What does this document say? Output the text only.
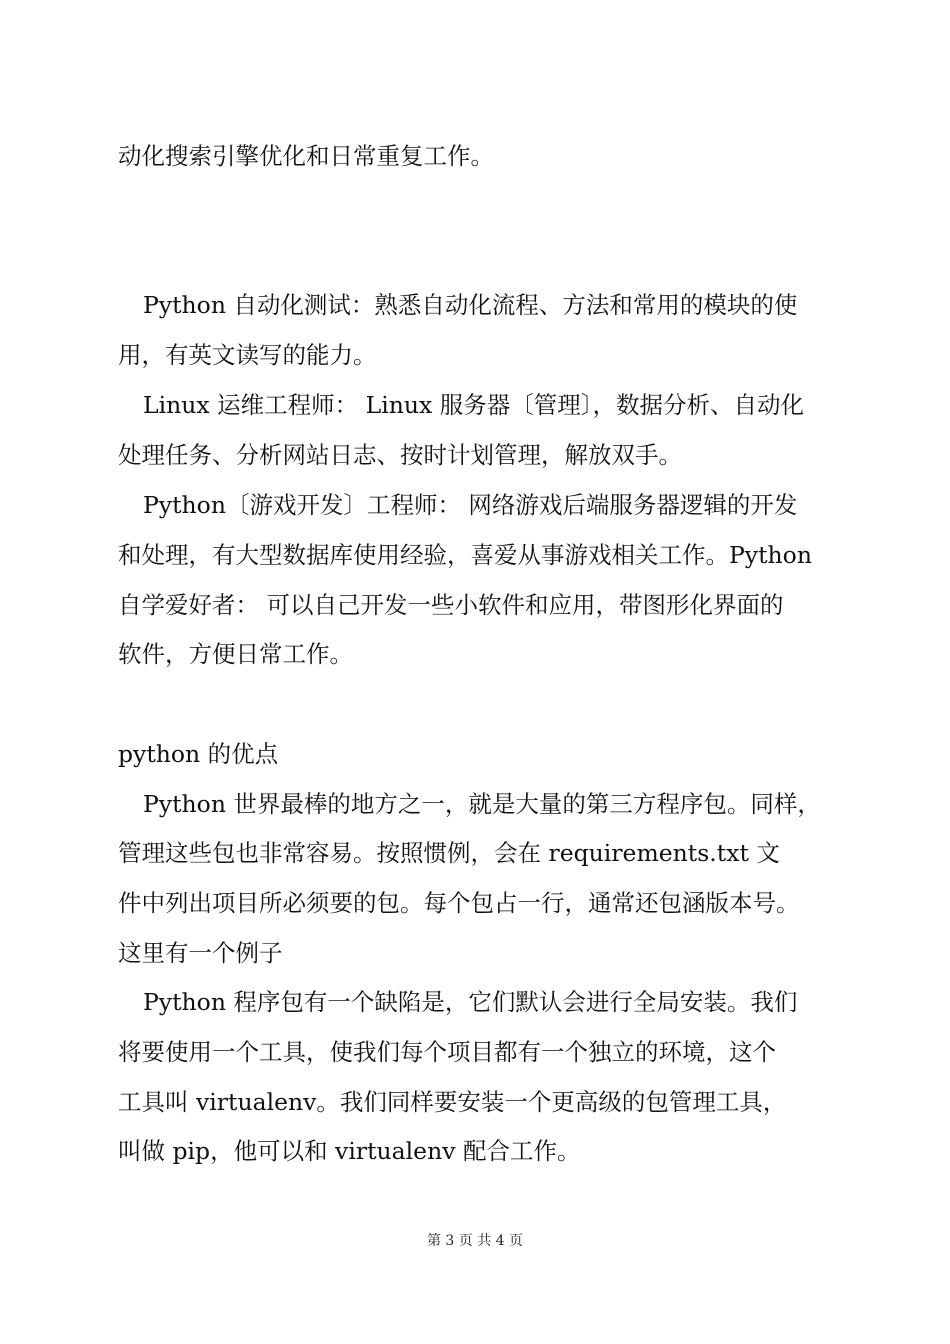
动化搜索引擎优化和日常重复工作。
Python 自动化测试：熟悉自动化流程、方法和常用的模块的使
用，有英文读写的能力。
Linux 运维工程师： Linux 服务器〔管理〕，数据分析、自动化
处理任务、分析网站日志、按时计划管理，解放双手。
Python〔游戏开发〕工程师： 网络游戏后端服务器逻辑的开发
和处理，有大型数据库使用经验，喜爱从事游戏相关工作。Python
自学爱好者： 可以自己开发一些小软件和应用，带图形化界面的
软件，方便日常工作。
python 的优点
Python 世界最棒的地方之一，就是大量的第三方程序包。同样，
管理这些包也非常容易。按照惯例，会在 requirements.txt 文
件中列出项目所必须要的包。每个包占一行，通常还包涵版本号。
这里有一个例子
Python 程序包有一个缺陷是，它们默认会进行全局安装。我们
将要使用一个工具，使我们每个项目都有一个独立的环境，这个
工具叫 virtualenv。我们同样要安装一个更高级的包管理工具，
叫做 pip，他可以和 virtualenv 配合工作。
第 3 页 共 4 页
